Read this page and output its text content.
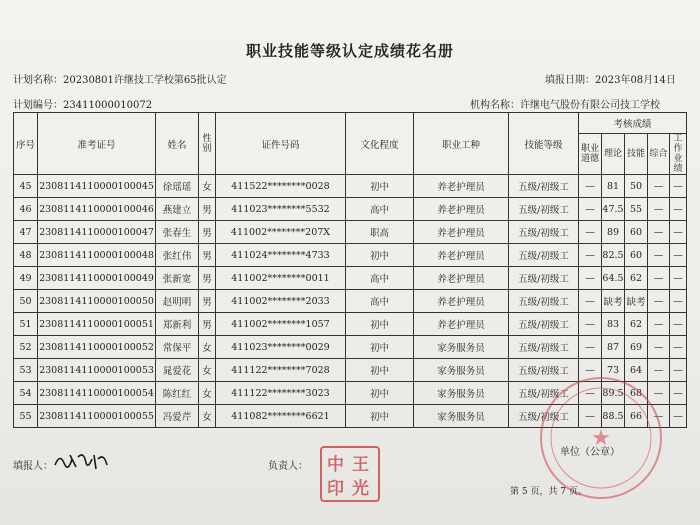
职业技能等级认定成绩花名册
计划名称：20230801许继技工学校第65批认定	填报日期：2023年08月14日
计划编号：23411000010072	机构名称：许继电气股份有限公司技工学校
序号	准考证号	姓名	性别	证件号码	文化程度	职业工种	技能等级	考核成绩				
								职业道德	理论	技能	综合	工作业绩
45	2308114110000100045	徐瑶瑶	女	411522********0028	初中	养老护理员	五级/初级工	—	81	50	—	—
46	2308114110000100046	燕建立	男	411023********5532	高中	养老护理员	五级/初级工	—	47.5	55	—	—
47	2308114110000100047	张春生	男	411002********207X	职高	养老护理员	五级/初级工	—	89	60	—	—
48	2308114110000100048	张红伟	男	411024********4733	初中	养老护理员	五级/初级工	—	82.5	60	—	—
49	2308114110000100049	张新宽	男	411002********0011	高中	养老护理员	五级/初级工	—	64.5	62	—	—
50	2308114110000100050	赵明明	男	411002********2033	高中	养老护理员	五级/初级工	—	缺考	缺考	—	—
51	2308114110000100051	郑新利	男	411002********1057	初中	养老护理员	五级/初级工	—	83	62	—	—
52	2308114110000100052	常保平	女	411023********0029	初中	家务服务员	五级/初级工	—	87	69	—	—
53	2308114110000100053	晁爱花	女	411122********7028	初中	家务服务员	五级/初级工	—	73	64	—	—
54	2308114110000100054	陈红红	女	411122********3023	初中	家务服务员	五级/初级工	—	89.5	68	—	—
55	2308114110000100055	冯爱芹	女	411082********6621	初中	家务服务员	五级/初级工	—	88.5	66	—	—
填报人：	负责人： 中 王
印 光
单位（公章）
★
第 5 页，共 7 页。
